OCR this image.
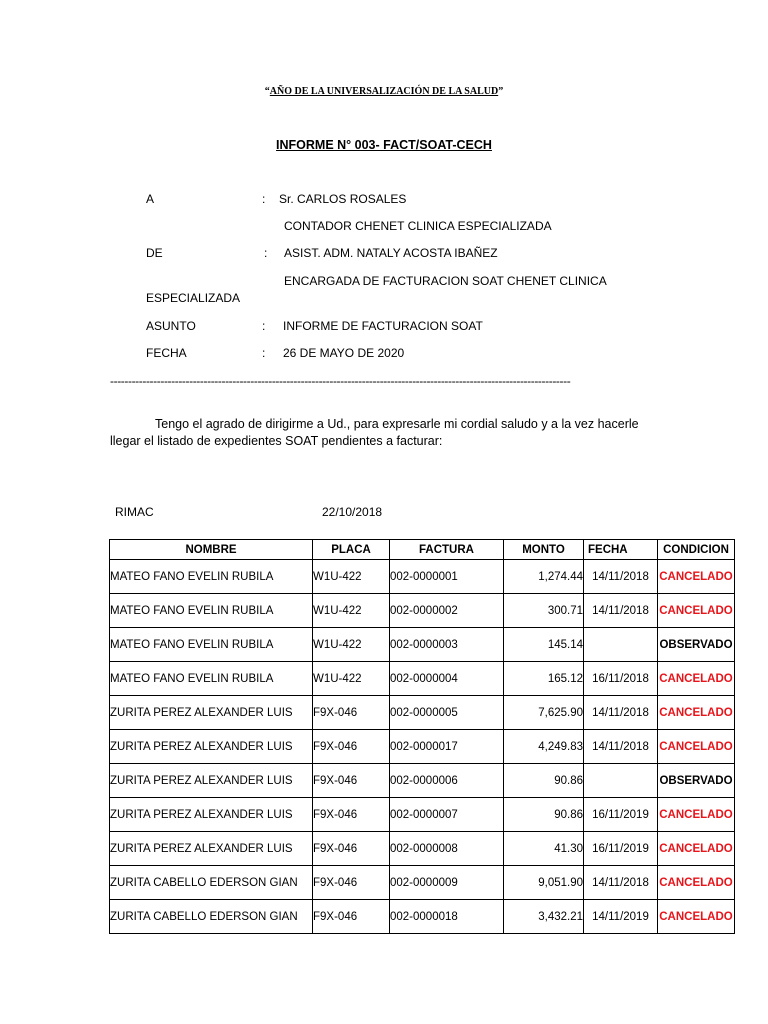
“AÑO DE LA UNIVERSALIZACIÓN DE LA SALUD”
INFORME N° 003- FACT/SOAT-CECH
A	: Sr. CARLOS ROSALES
CONTADOR CHENET CLINICA ESPECIALIZADA
DE	: ASIST. ADM. NATALY ACOSTA IBAÑEZ
ENCARGADA DE FACTURACION SOAT CHENET CLINICA
ESPECIALIZADA
ASUNTO	: INFORME DE FACTURACION SOAT
FECHA	: 26 DE MAYO DE 2020
--------------------------------------------------------------------------------------------------------------------------------
Tengo el agrado de dirigirme a Ud., para expresarle mi cordial saludo y a la vez hacerle
llegar el listado de expedientes SOAT pendientes a facturar:
RIMAC	22/10/2018
NOMBRE	PLACA	FACTURA	MONTO	FECHA	CONDICION
MATEO FANO EVELIN RUBILA	W1U-422	002-0000001	1,274.44	14/11/2018	CANCELADO
MATEO FANO EVELIN RUBILA	W1U-422	002-0000002	300.71	14/11/2018	CANCELADO
MATEO FANO EVELIN RUBILA	W1U-422	002-0000003	145.14		OBSERVADO
MATEO FANO EVELIN RUBILA	W1U-422	002-0000004	165.12	16/11/2018	CANCELADO
ZURITA PEREZ ALEXANDER LUIS	F9X-046	002-0000005	7,625.90	14/11/2018	CANCELADO
ZURITA PEREZ ALEXANDER LUIS	F9X-046	002-0000017	4,249.83	14/11/2018	CANCELADO
ZURITA PEREZ ALEXANDER LUIS	F9X-046	002-0000006	90.86		OBSERVADO
ZURITA PEREZ ALEXANDER LUIS	F9X-046	002-0000007	90.86	16/11/2019	CANCELADO
ZURITA PEREZ ALEXANDER LUIS	F9X-046	002-0000008	41.30	16/11/2019	CANCELADO
ZURITA CABELLO EDERSON GIAN	F9X-046	002-0000009	9,051.90	14/11/2018	CANCELADO
ZURITA CABELLO EDERSON GIAN	F9X-046	002-0000018	3,432.21	14/11/2019	CANCELADO
